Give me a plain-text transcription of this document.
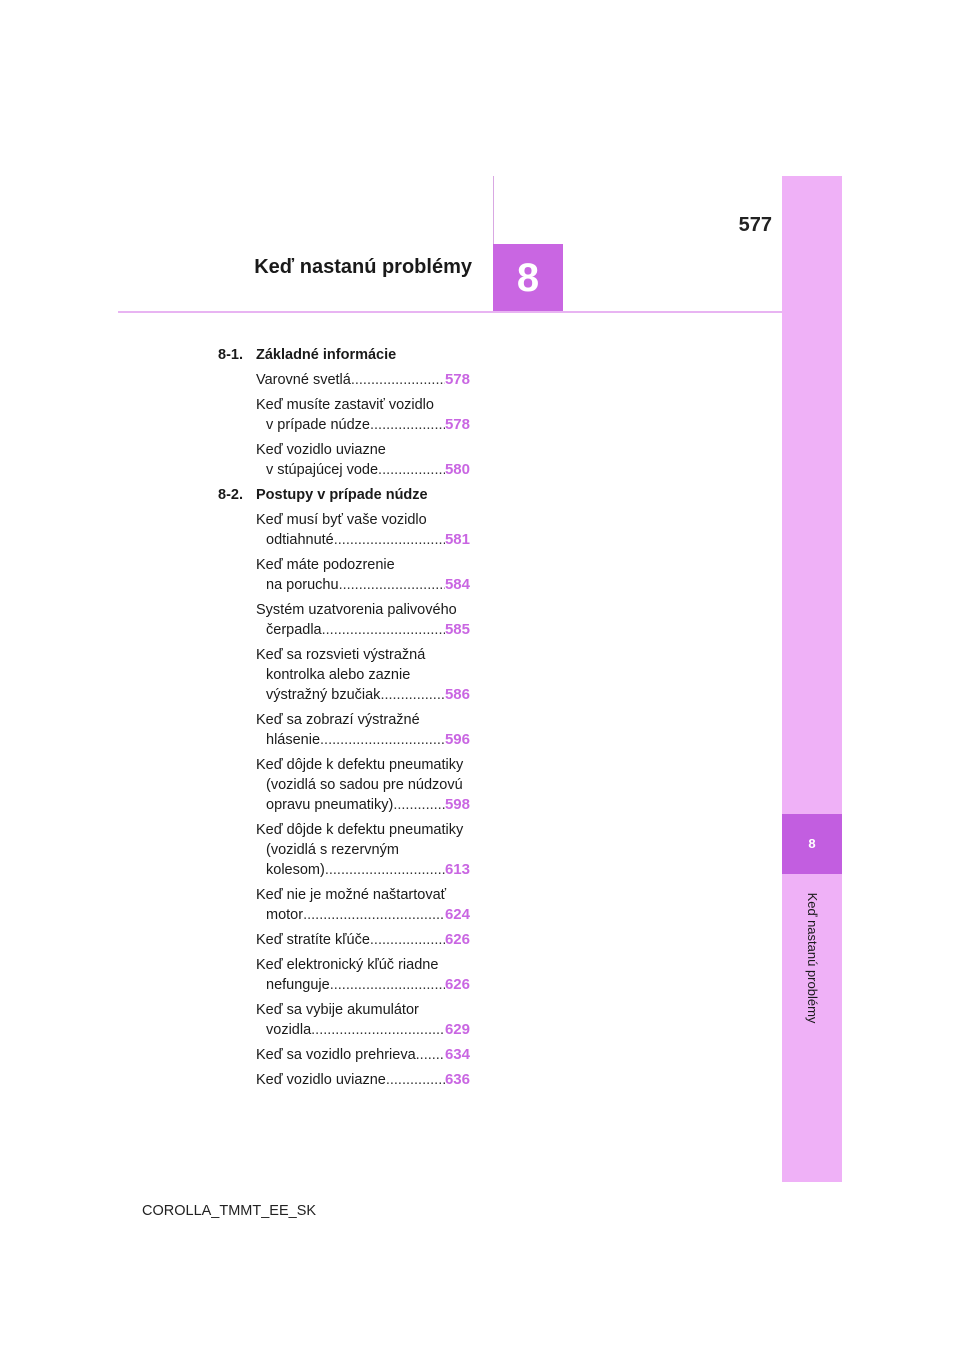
577
Keď nastanú problémy	8
8
Keď nastanú problémy
8-1. Základné informácie
Varovné svetlá .....	578
Keď musíte zastaviť vozidlo
v prípade núdze .....	578
Keď vozidlo uviazne
v stúpajúcej vode .....	580
8-2. Postupy v prípade núdze
Keď musí byť vaše vozidlo
odtiahnuté .....	581
Keď máte podozrenie
na poruchu .....	584
Systém uzatvorenia palivového
čerpadla .....	585
Keď sa rozsvieti výstražná
kontrolka alebo zaznie
výstražný bzučiak .....	586
Keď sa zobrazí výstražné
hlásenie .....	596
Keď dôjde k defektu pneumatiky
(vozidlá so sadou pre núdzovú
opravu pneumatiky) .....	598
Keď dôjde k defektu pneumatiky
(vozidlá s rezervným
kolesom) .....	613
Keď nie je možné naštartovať
motor .....	624
Keď stratíte kľúče .....	626
Keď elektronický kľúč riadne
nefunguje .....	626
Keď sa vybije akumulátor
vozidla .....	629
Keď sa vozidlo prehrieva ..... 634
Keď vozidlo uviazne .....	636
COROLLA_TMMT_EE_SK
